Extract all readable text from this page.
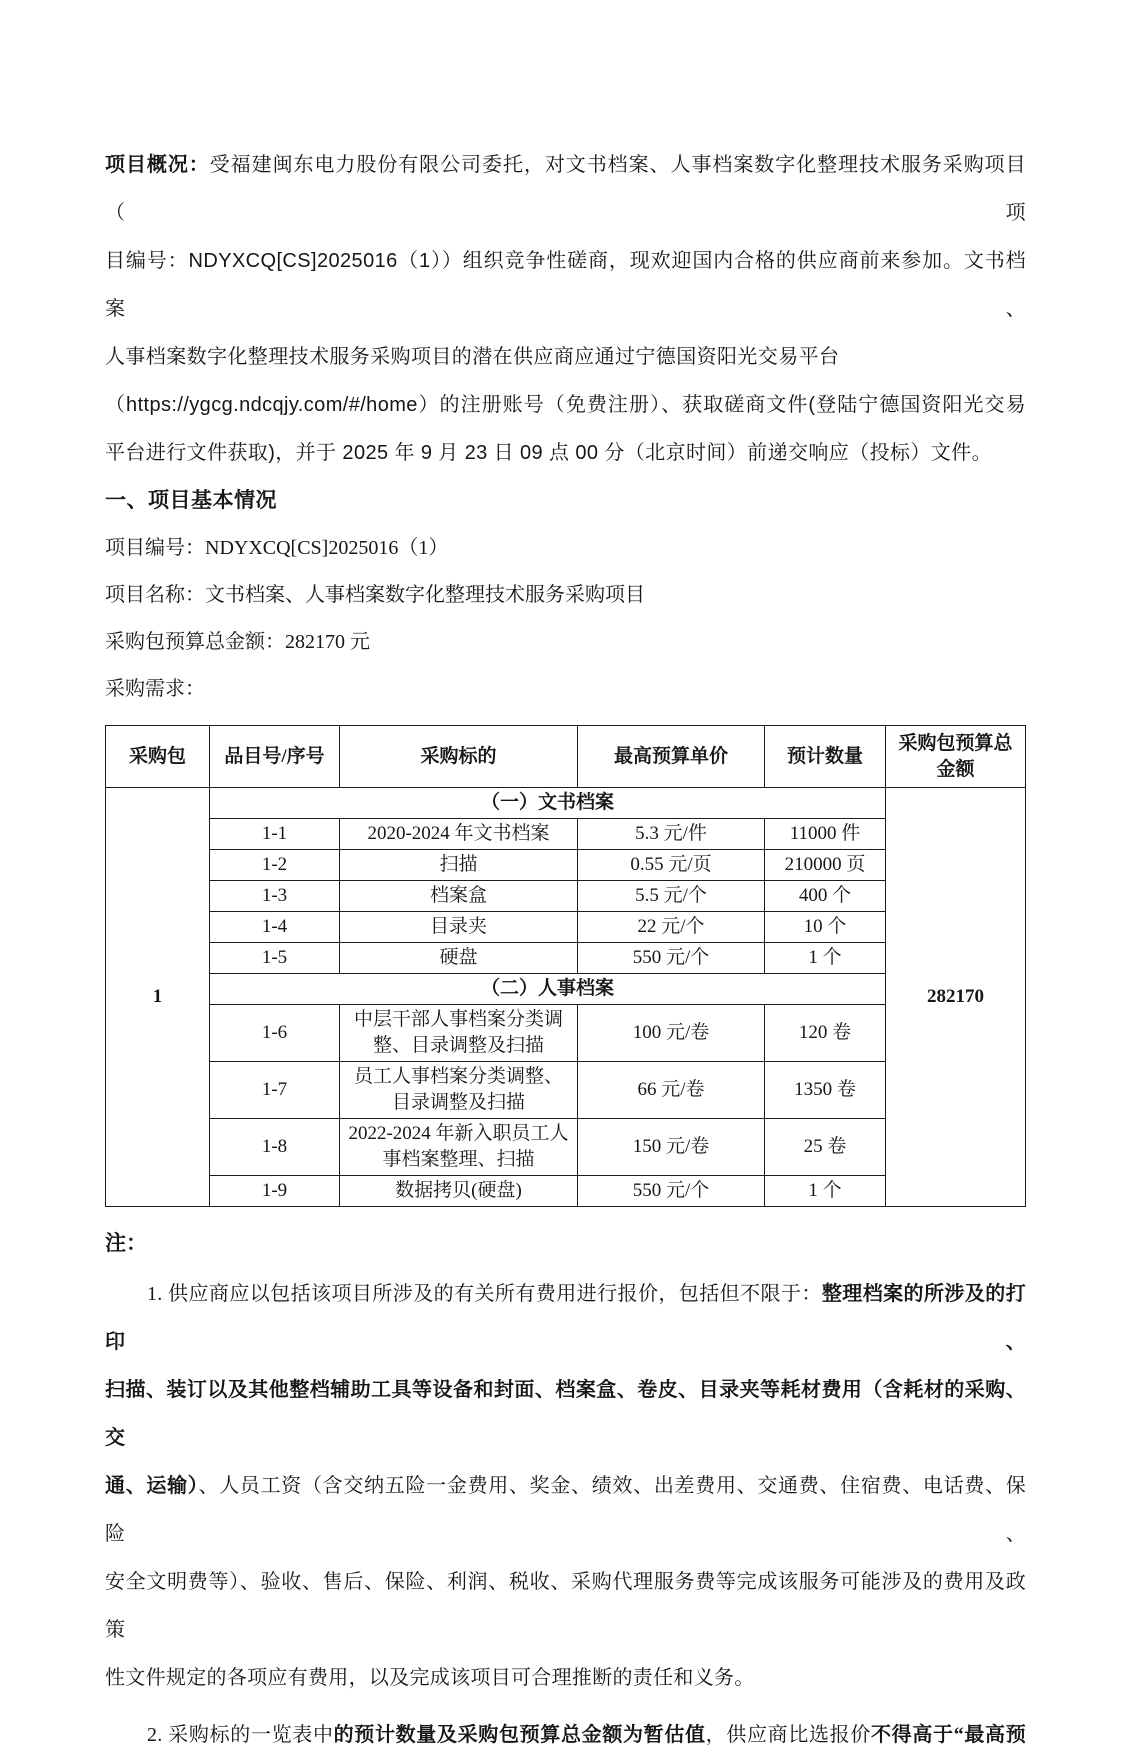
项目概况：受福建闽东电力股份有限公司委托，对文书档案、人事档案数字化整理技术服务采购项目（项
目编号：NDYXCQ[CS]2025016（1））组织竞争性磋商，现欢迎国内合格的供应商前来参加。文书档案、
人事档案数字化整理技术服务采购项目的潜在供应商应通过宁德国资阳光交易平台
（https://ygcg.ndcqjy.com/#/home）的注册账号（免费注册）、获取磋商文件(登陆宁德国资阳光交易
平台进行文件获取)，并于 2025 年 9 月 23 日 09 点 00 分（北京时间）前递交响应（投标）文件。
一、项目基本情况
项目编号：NDYXCQ[CS]2025016（1）
项目名称：文书档案、人事档案数字化整理技术服务采购项目
采购包预算总金额：282170 元
采购需求：
采购包	品目号/序号	采购标的	最高预算单价	预计数量	采购包预算总金额
1	（一）文书档案				282170
	1-1	2020-2024 年文书档案	5.3 元/件	11000 件	
	1-2	扫描	0.55 元/页	210000 页	
	1-3	档案盒	5.5 元/个	400 个	
	1-4	目录夹	22 元/个	10 个	
	1-5	硬盘	550 元/个	1 个	
	（二）人事档案				
	1-6	中层干部人事档案分类调整、目录调整及扫描	100 元/卷	120 卷	
	1-7	员工人事档案分类调整、目录调整及扫描	66 元/卷	1350 卷	
	1-8	2022-2024 年新入职员工人事档案整理、扫描	150 元/卷	25 卷	
	1-9	数据拷贝(硬盘)	550 元/个	1 个	
注：
1. 供应商应以包括该项目所涉及的有关所有费用进行报价，包括但不限于：整理档案的所涉及的打印、
扫描、装订以及其他整档辅助工具等设备和封面、档案盒、卷皮、目录夹等耗材费用（含耗材的采购、交
通、运输）、人员工资（含交纳五险一金费用、奖金、绩效、出差费用、交通费、住宿费、电话费、保险、
安全文明费等）、验收、售后、保险、利润、税收、采购代理服务费等完成该服务可能涉及的费用及政策
性文件规定的各项应有费用，以及完成该项目可合理推断的责任和义务。
2. 采购标的一览表中的预计数量及采购包预算总金额为暂估值，供应商比选报价不得高于“最高预
